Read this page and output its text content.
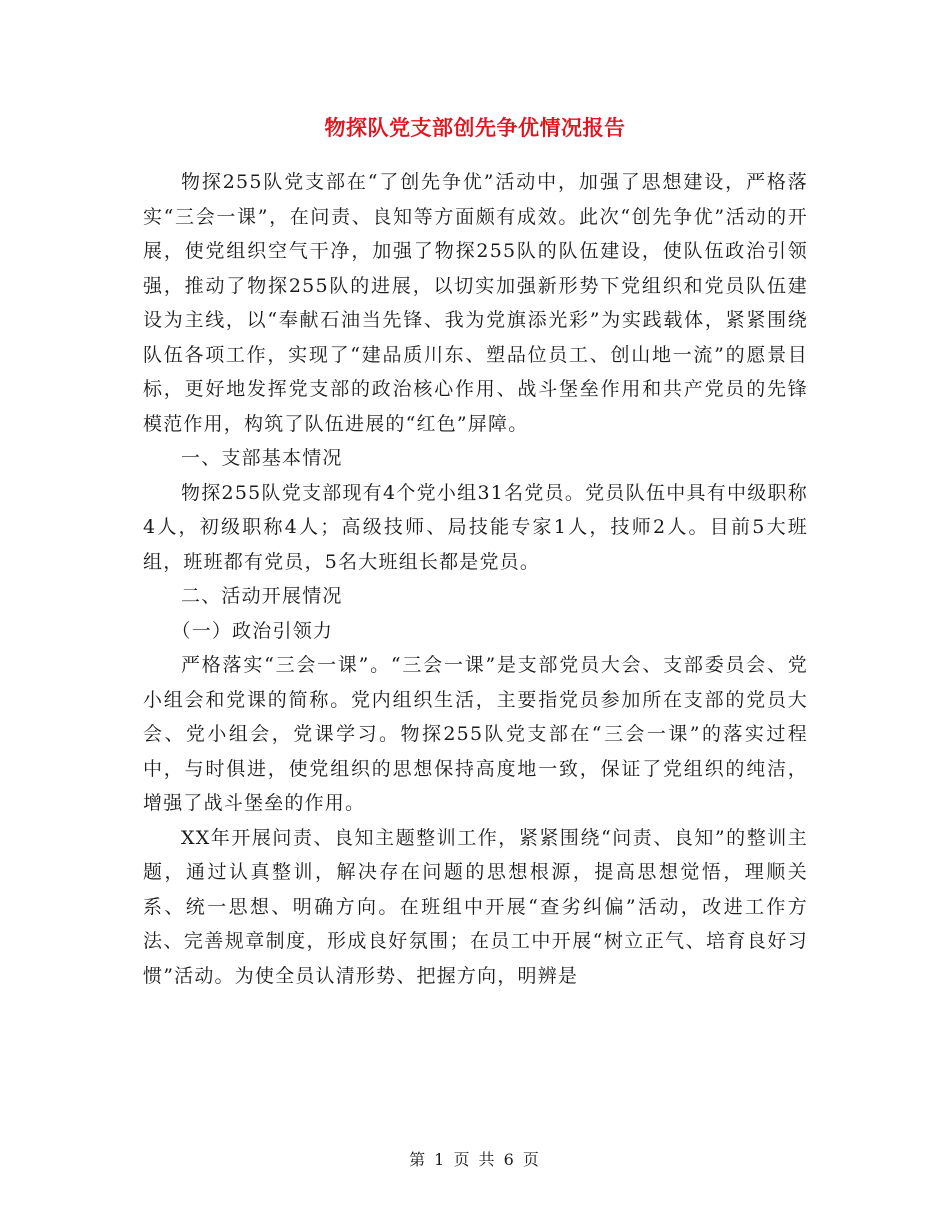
物探队党支部创先争优情况报告

物探255队党支部在“了创先争优”活动中，加强了思想建设，严格落实“三会一课”，在问责、良知等方面颇有成效。此次“创先争优”活动的开展，使党组织空气干净，加强了物探255队的队伍建设，使队伍政治引领强，推动了物探255队的进展，以切实加强新形势下党组织和党员队伍建设为主线，以“奉献石油当先锋、我为党旗添光彩”为实践载体，紧紧围绕队伍各项工作，实现了“建品质川东、塑品位员工、创山地一流”的愿景目标，更好地发挥党支部的政治核心作用、战斗堡垒作用和共产党员的先锋模范作用，构筑了队伍进展的“红色”屏障。

一、支部基本情况

物探255队党支部现有4个党小组31名党员。党员队伍中具有中级职称4人，初级职称4人；高级技师、局技能专家1人，技师2人。目前5大班组，班班都有党员，5名大班组长都是党员。

二、活动开展情况

（一）政治引领力

严格落实“三会一课”。“三会一课”是支部党员大会、支部委员会、党小组会和党课的简称。党内组织生活，主要指党员参加所在支部的党员大会、党小组会，党课学习。物探255队党支部在“三会一课”的落实过程中，与时俱进，使党组织的思想保持高度地一致，保证了党组织的纯洁，增强了战斗堡垒的作用。

XX年开展问责、良知主题整训工作，紧紧围绕“问责、良知”的整训主题，通过认真整训，解决存在问题的思想根源，提高思想觉悟，理顺关系、统一思想、明确方向。在班组中开展“查劣纠偏”活动，改进工作方法、完善规章制度，形成良好氛围；在员工中开展“树立正气、培育良好习惯”活动。为使全员认清形势、把握方向，明辨是

第 1 页 共 6 页
